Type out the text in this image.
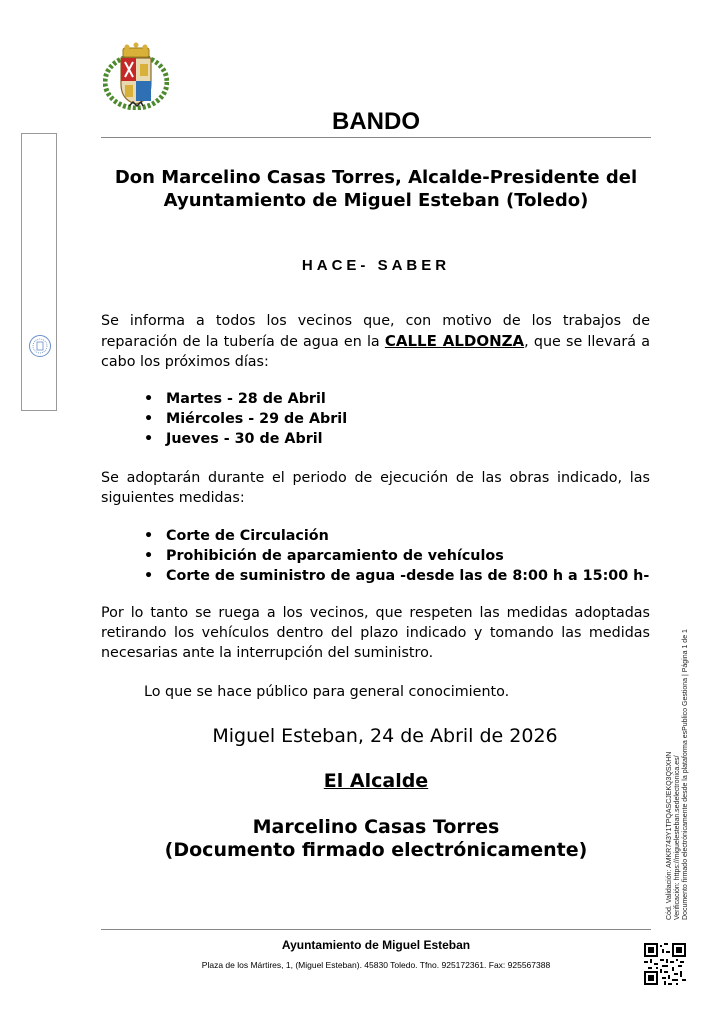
BANDO
Don Marcelino Casas Torres, Alcalde-Presidente del
Ayuntamiento de Miguel Esteban (Toledo)
HACE- SABER
Se informa a todos los vecinos que, con motivo de los trabajos de reparación de la tubería de agua en la CALLE ALDONZA, que se llevará a cabo los próximos días:
• Martes - 28 de Abril
• Miércoles - 29 de Abril
• Jueves - 30 de Abril
Se adoptarán durante el periodo de ejecución de las obras indicado, las siguientes medidas:
• Corte de Circulación
• Prohibición de aparcamiento de vehículos
• Corte de suministro de agua -desde las de 8:00 h a 15:00 h-
Por lo tanto se ruega a los vecinos, que respeten las medidas adoptadas retirando los vehículos dentro del plazo indicado y tomando las medidas necesarias ante la interrupción del suministro.
Lo que se hace público para general conocimiento.
Miguel Esteban, 24 de Abril de 2026
El Alcalde
Marcelino Casas Torres
(Documento firmado electrónicamente)
Ayuntamiento de Miguel Esteban
Plaza de los Mártires, 1, (Miguel Esteban). 45830 Toledo. Tfno. 925172361. Fax: 925567388
Cód. Validación: AMKR743Y1TPQASCJEKQ3QSXHN Verificación: https://miguelesteban.sedelectronica.es/ Documento firmado electrónicamente desde la plataforma esPublico Gestiona | Página 1 de 1
